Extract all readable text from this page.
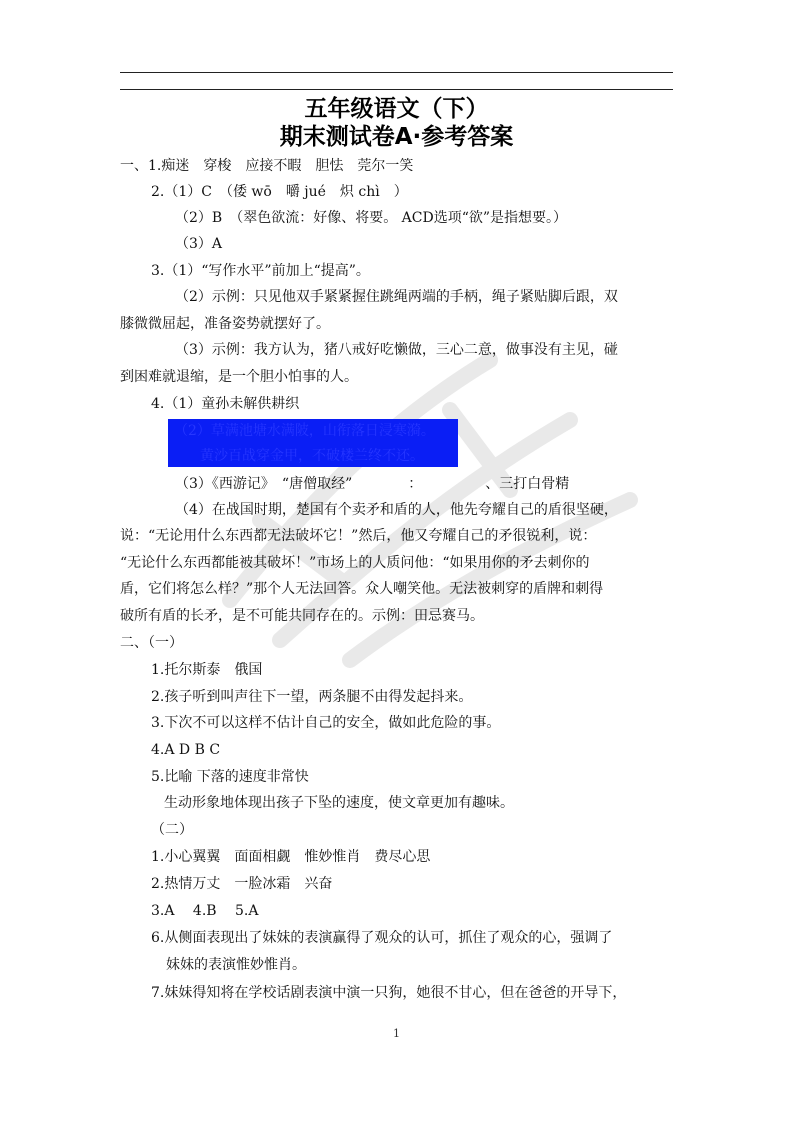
五年级语文（下）
期末测试卷A·参考答案
一、1.痴迷　穿梭　应接不暇　胆怯　莞尔一笑
2.（1）C　（倭 wō　嚼 jué　炽 chì　）
（2）B　（翠色欲流：好像、将要。 ACD选项“欲”是指想要。）
（3）A
3.（1）“写作水平”前加上“提高”。
（2）示例：只见他双手紧紧握住跳绳两端的手柄，绳子紧贴脚后跟，双
膝微微屈起，准备姿势就摆好了。
（3）示例：我方认为，猪八戒好吃懒做，三心二意，做事没有主见，碰
到困难就退缩，是一个胆小怕事的人。
4.（1）童孙未解供耕织
（2）草满池塘水满陂，山衔落日浸寒漪。
黄沙百战穿金甲，不破楼兰终不还。
（3）《西游记》　“唐僧取经”　　　　：　　　　　、三打白骨精
（4）在战国时期，楚国有个卖矛和盾的人，他先夸耀自己的盾很坚硬，
说：“无论用什么东西都无法破坏它！”然后，他又夸耀自己的矛很锐利，说：
“无论什么东西都能被其破坏！”市场上的人质问他：“如果用你的矛去刺你的
盾，它们将怎么样？”那个人无法回答。众人嘲笑他。无法被刺穿的盾牌和刺得
破所有盾的长矛，是不可能共同存在的。示例：田忌赛马。
二、（一）
1.托尔斯泰　俄国
2.孩子听到叫声往下一望，两条腿不由得发起抖来。
3.下次不可以这样不估计自己的安全，做如此危险的事。
4.A D B C
5.比喻 下落的速度非常快
生动形象地体现出孩子下坠的速度，使文章更加有趣味。
（二）
1.小心翼翼　面面相觑　惟妙惟肖　费尽心思
2.热情万丈　一脸冰霜　兴奋
3.A　 4.B　 5.A
6.从侧面表现出了妹妹的表演赢得了观众的认可，抓住了观众的心，强调了
妹妹的表演惟妙惟肖。
7.妹妹得知将在学校话剧表演中演一只狗，她很不甘心，但在爸爸的开导下，
1
